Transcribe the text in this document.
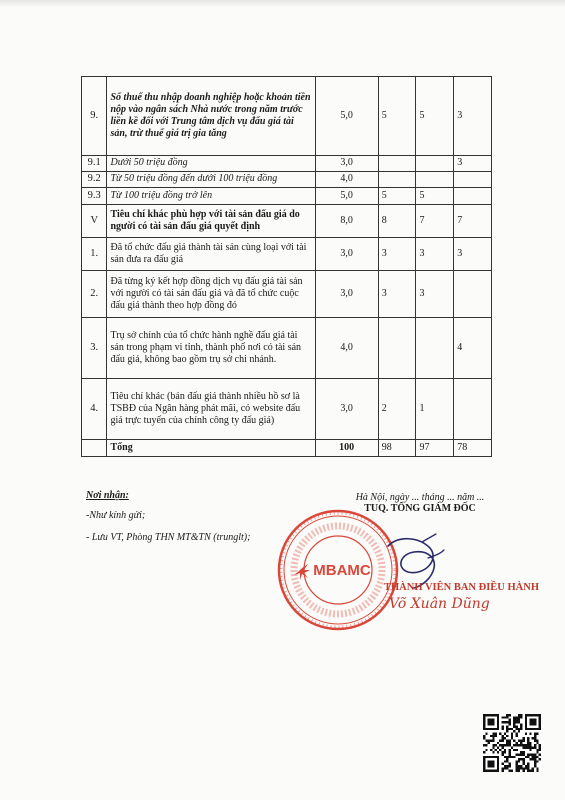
9.	Số thuế thu nhập doanh nghiệp hoặc khoản tiền nộp vào ngân sách Nhà nước trong năm trước liền kề đối với Trung tâm dịch vụ đấu giá tài sản, trừ thuế giá trị gia tăng	5,0	5	5	3
9.1	Dưới 50 triệu đồng	3,0			3
9.2	Từ 50 triệu đồng đến dưới 100 triệu đồng	4,0			
9.3	Từ 100 triệu đồng trở lên	5,0	5	5	
V	Tiêu chí khác phù hợp với tài sản đấu giá do người có tài sản đấu giá quyết định	8,0	8	7	7
1.	Đã tổ chức đấu giá thành tài sản cùng loại với tài sản đưa ra đấu giá	3,0	3	3	3
2.	Đã từng ký kết hợp đồng dịch vụ đấu giá tài sản với người có tài sản đấu giá và đã tổ chức cuộc đấu giá thành theo hợp đồng đó	3,0	3	3	
3.	Trụ sở chính của tổ chức hành nghề đấu giá tài sản trong phạm vi tỉnh, thành phố nơi có tài sản đấu giá, không bao gồm trụ sở chi nhánh.	4,0			4
4.	Tiêu chí khác (bán đấu giá thành nhiều hồ sơ là TSBĐ của Ngân hàng phát mãi, có website đấu giá trực tuyến của chính công ty đấu giá)	3,0	2	1	
	Tổng	100	98	97	78
Nơi nhận:
-Như kính gửi;
- Lưu VT, Phòng THN MT&TN (trunglt);
Hà Nội, ngày ... tháng ... năm ...
TUQ. TỔNG GIÁM ĐỐC
MBAMC
THÀNH VIÊN BAN ĐIỀU HÀNH
Võ Xuân Dũng
